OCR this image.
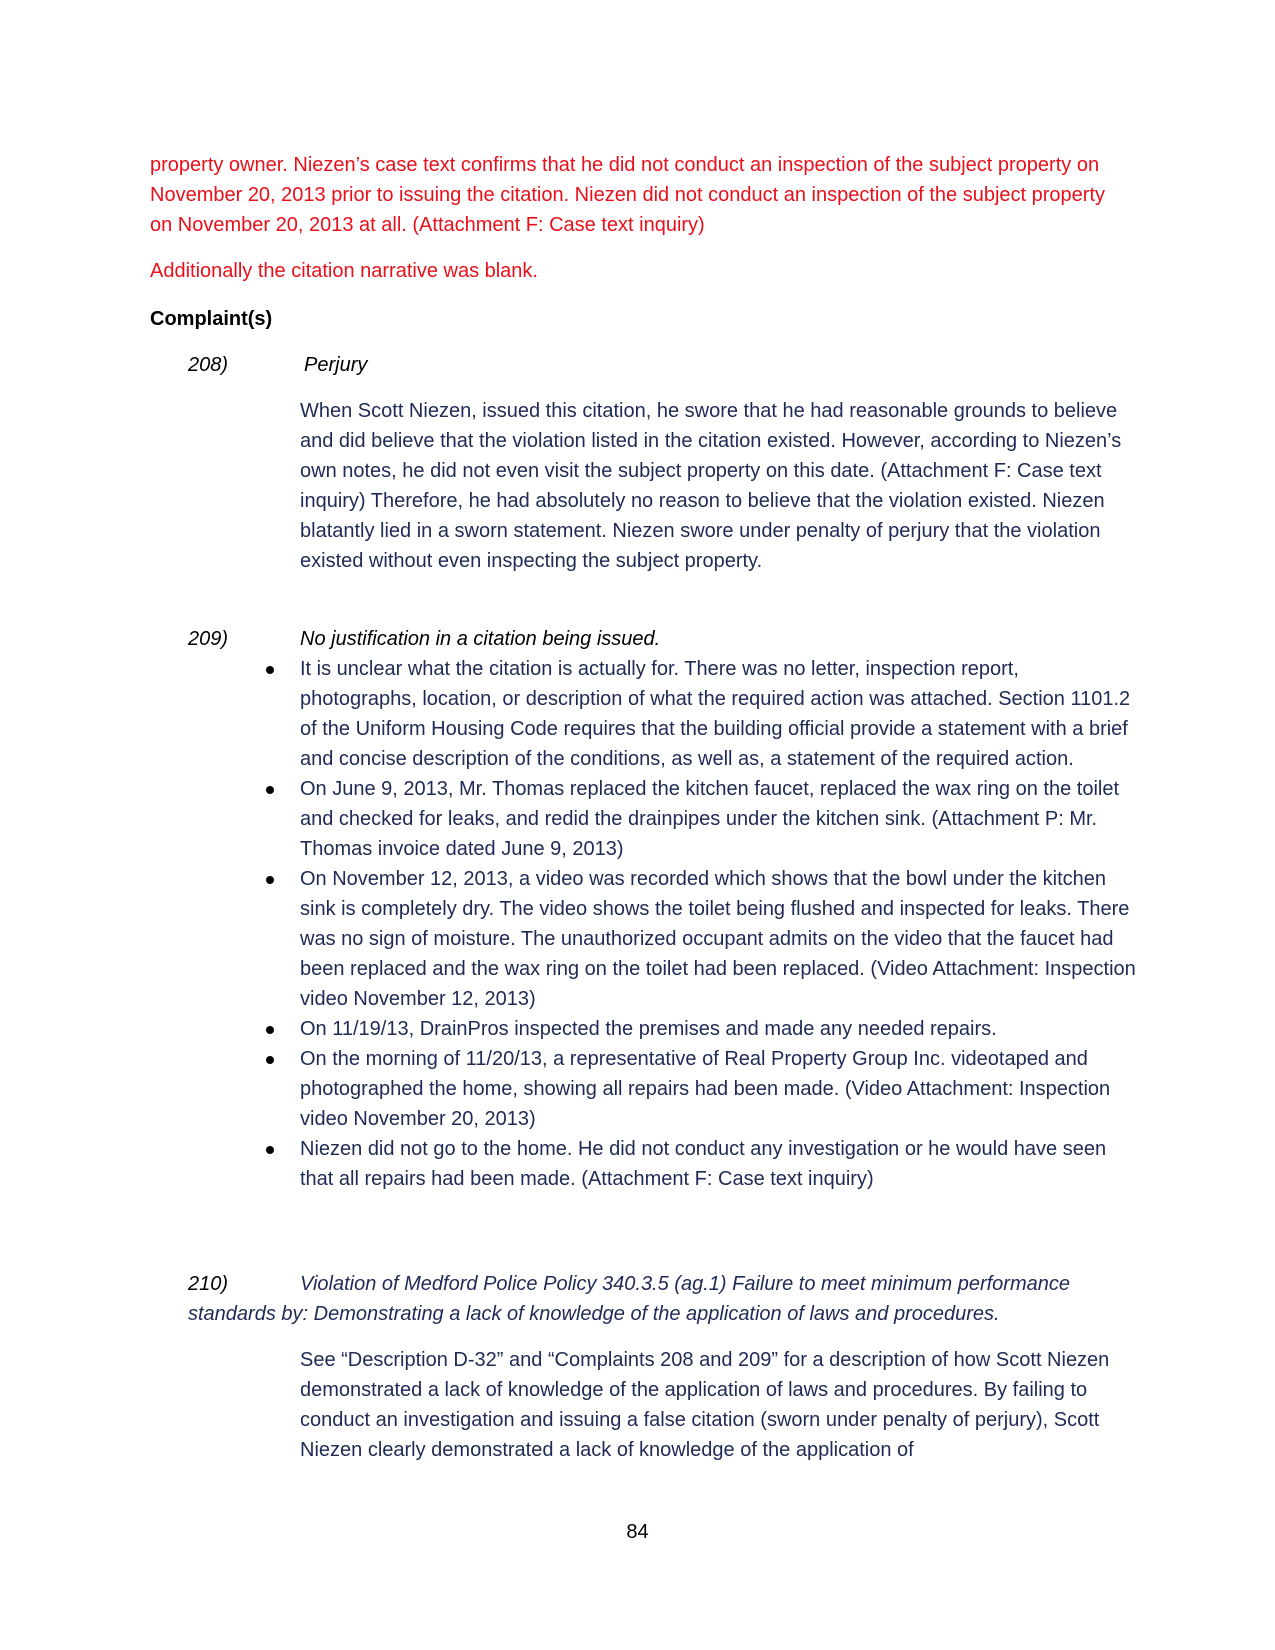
property owner. Niezen’s case text confirms that he did not conduct an inspection of the subject property on November 20, 2013 prior to issuing the citation. Niezen did not conduct an inspection of the subject property on November 20, 2013 at all. (Attachment F: Case text inquiry)

Additionally the citation narrative was blank.

Complaint(s)
208)	Perjury

When Scott Niezen, issued this citation, he swore that he had reasonable grounds to believe and did believe that the violation listed in the citation existed. However, according to Niezen’s own notes, he did not even visit the subject property on this date. (Attachment F: Case text inquiry) Therefore, he had absolutely no reason to believe that the violation existed. Niezen blatantly lied in a sworn statement. Niezen swore under penalty of perjury that the violation existed without even inspecting the subject property.

209)	No justification in a citation being issued.
It is unclear what the citation is actually for. There was no letter, inspection report, photographs, location, or description of what the required action was attached. Section 1101.2 of the Uniform Housing Code requires that the building official provide a statement with a brief and concise description of the conditions, as well as, a statement of the required action.
On June 9, 2013, Mr. Thomas replaced the kitchen faucet, replaced the wax ring on the toilet and checked for leaks, and redid the drainpipes under the kitchen sink. (Attachment P: Mr. Thomas invoice dated June 9, 2013)
On November 12, 2013, a video was recorded which shows that the bowl under the kitchen sink is completely dry. The video shows the toilet being flushed and inspected for leaks. There was no sign of moisture. The unauthorized occupant admits on the video that the faucet had been replaced and the wax ring on the toilet had been replaced. (Video Attachment: Inspection video November 12, 2013)
On 11/19/13, DrainPros inspected the premises and made any needed repairs.
On the morning of 11/20/13, a representative of Real Property Group Inc. videotaped and photographed the home, showing all repairs had been made. (Video Attachment: Inspection video November 20, 2013)
Niezen did not go to the home. He did not conduct any investigation or he would have seen that all repairs had been made. (Attachment F: Case text inquiry)
210)	Violation of Medford Police Policy 340.3.5 (ag.1) Failure to meet minimum performance standards by: Demonstrating a lack of knowledge of the application of laws and procedures.

See “Description D-32” and “Complaints 208 and 209” for a description of how Scott Niezen demonstrated a lack of knowledge of the application of laws and procedures. By failing to conduct an investigation and issuing a false citation (sworn under penalty of perjury), Scott Niezen clearly demonstrated a lack of knowledge of the application of

84
